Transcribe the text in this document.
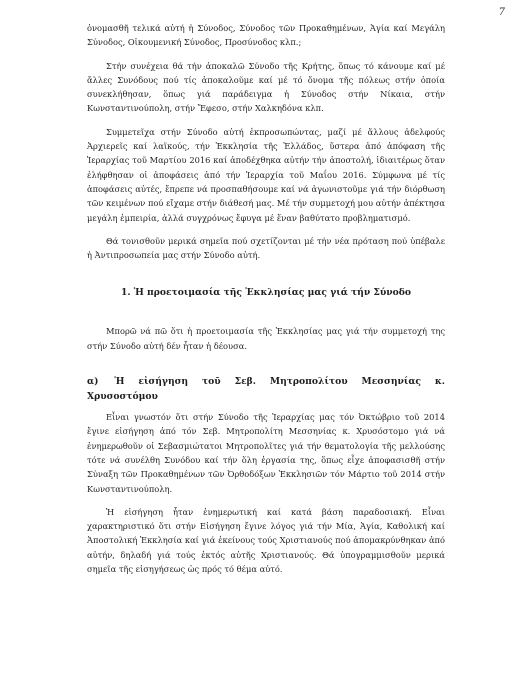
7

ὀνομασθῆ τελικά αὐτή ἡ Σύνοδος, Σύνοδος τῶν Προκαθημένων, Ἁγία καί Μεγάλη Σύνοδος, Οἰκουμενική Σύνοδος, Προσύνοδος κλπ.;

Στήν συνέχεια θά τήν ἀποκαλῶ Σύνοδο τῆς Κρήτης, ὅπως τό κάνουμε καί μέ ἄλλες Συνόδους πού τίς ἀποκαλοῦμε καί μέ τό ὄνομα τῆς πόλεως στήν ὁποία συνεκλήθησαν, ὅπως γιά παράδειγμα ἡ Σύνοδος στήν Νίκαια, στήν Κωνσταντινούπολη, στήν Ἔφεσο, στήν Χαλκηδόνα κλπ.

Συμμετεῖχα στήν Σύνοδο αὐτή ἐκπροσωπώντας, μαζί μέ ἄλλους ἀδελφούς Ἀρχιερεῖς καί λαϊκούς, τήν Ἐκκλησία τῆς Ἑλλάδος, ὕστερα ἀπό ἀπόφαση τῆς Ἱεραρχίας τοῦ Μαρτίου 2016 καί ἀποδέχθηκα αὐτήν τήν ἀποστολή, ἰδιαιτέρως ὅταν ἐλήφθησαν οἱ ἀποφάσεις ἀπό τήν Ἱεραρχία τοῦ Μαΐου 2016. Σύμφωνα μέ τίς ἀποφάσεις αὐτές, ἔπρεπε νά προσπαθήσουμε καί νά ἀγωνιστοῦμε γιά τήν διόρθωση τῶν κειμένων πού εἴχαμε στήν διάθεσή μας. Μέ τήν συμμετοχή μου αὐτήν ἀπέκτησα μεγάλη ἐμπειρία, ἀλλά συγχρόνως ἔφυγα μέ ἕναν βαθύτατο προβληματισμό.

Θά τονισθοῦν μερικά σημεῖα πού σχετίζονται μέ τήν νέα πρόταση πού ὑπέβαλε ἡ Ἀντιπροσωπεία μας στήν Σύνοδο αὐτή.

1. Ἡ προετοιμασία τῆς Ἐκκλησίας μας γιά τήν Σύνοδο

Μπορῶ νά πῶ ὅτι ἡ προετοιμασία τῆς Ἐκκλησίας μας γιά τήν συμμετοχή της στήν Σύνοδο αὐτή δέν ἦταν ἡ δέουσα.

α) Ἡ εἰσήγηση τοῦ Σεβ. Μητροπολίτου Μεσσηνίας κ. Χρυσοστόμου

Εἶναι γνωστόν ὅτι στήν Σύνοδο τῆς Ἱεραρχίας μας τόν Ὀκτώβριο τοῦ 2014 ἔγινε εἰσήγηση ἀπό τόν Σεβ. Μητροπολίτη Μεσσηνίας κ. Χρυσόστομο γιά νά ἐνημερωθοῦν οἱ Σεβασμιώτατοι Μητροπολῖτες γιά τήν θεματολογία τῆς μελλούσης τότε νά συνέλθη Συνόδου καί τήν ὅλη ἐργασία της, ὅπως εἶχε ἀποφασισθῆ στήν Σύναξη τῶν Προκαθημένων τῶν Ὀρθοδόξων Ἐκκλησιῶν τόν Μάρτιο τοῦ 2014 στήν Κωνσταντινούπολη.

Ἡ εἰσήγηση ἦταν ἐνημερωτική καί κατά βάση παραδοσιακή. Εἶναι χαρακτηριστικό ὅτι στήν Εἰσήγηση ἔγινε λόγος γιά τήν Μία, Ἁγία, Καθολική καί Ἀποστολική Ἐκκλησία καί γιά ἐκείνους τούς Χριστιανούς πού ἀπομακρύνθηκαν ἀπό αὐτήν, δηλαδή γιά τούς ἐκτός αὐτῆς Χριστιανούς. Θά ὑπογραμμισθοῦν μερικά σημεῖα τῆς εἰσηγήσεως ὡς πρός τό θέμα αὐτό.
